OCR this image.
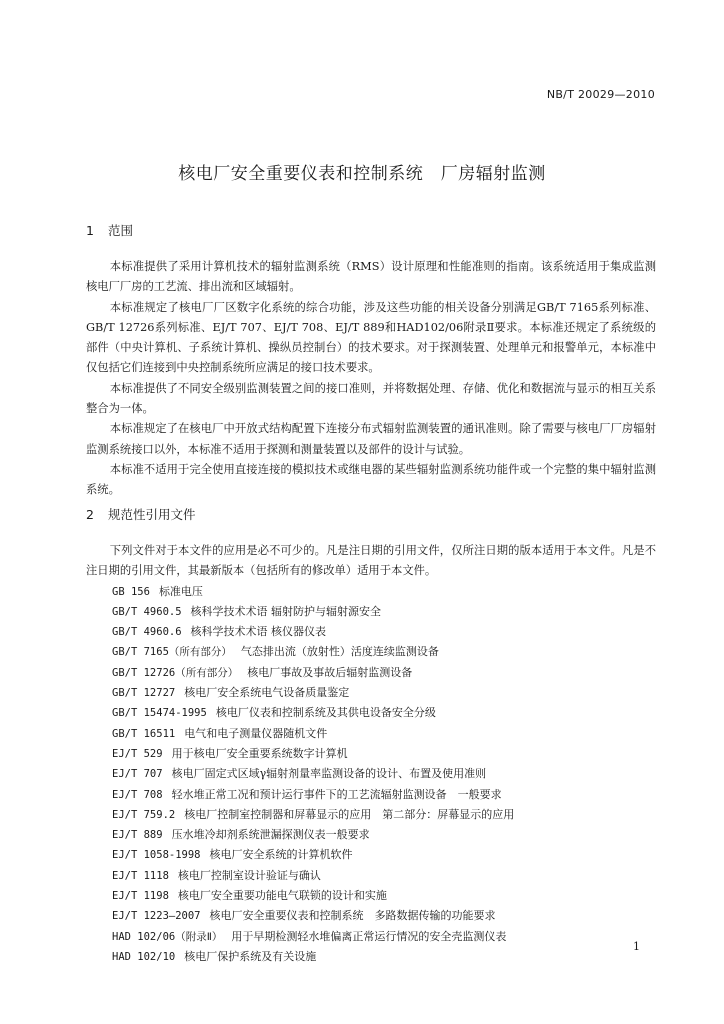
NB/T 20029—2010
核电厂安全重要仪表和控制系统　厂房辐射监测
1 范围

本标准提供了采用计算机技术的辐射监测系统（RMS）设计原理和性能准则的指南。该系统适用于集成监测核电厂厂房的工艺流、排出流和区域辐射。

本标准规定了核电厂厂区数字化系统的综合功能，涉及这些功能的相关设备分别满足GB/T 7165系列标准、GB/T 12726系列标准、EJ/T 707、EJ/T 708、EJ/T 889和HAD102/06附录Ⅱ要求。本标准还规定了系统级的部件（中央计算机、子系统计算机、操纵员控制台）的技术要求。对于探测装置、处理单元和报警单元，本标准中仅包括它们连接到中央控制系统所应满足的接口技术要求。

本标准提供了不同安全级别监测装置之间的接口准则，并将数据处理、存储、优化和数据流与显示的相互关系整合为一体。

本标准规定了在核电厂中开放式结构配置下连接分布式辐射监测装置的通讯准则。除了需要与核电厂厂房辐射监测系统接口以外，本标准不适用于探测和测量装置以及部件的设计与试验。

本标准不适用于完全使用直接连接的模拟技术或继电器的某些辐射监测系统功能件或一个完整的集中辐射监测系统。

2 规范性引用文件

下列文件对于本文件的应用是必不可少的。凡是注日期的引用文件，仅所注日期的版本适用于本文件。凡是不注日期的引用文件，其最新版本（包括所有的修改单）适用于本文件。

GB 156 标准电压
GB/T 4960.5 核科学技术术语 辐射防护与辐射源安全
GB/T 4960.6 核科学技术术语 核仪器仪表
GB/T 7165（所有部分） 气态排出流（放射性）活度连续监测设备
GB/T 12726（所有部分） 核电厂事故及事故后辐射监测设备
GB/T 12727 核电厂安全系统电气设备质量鉴定
GB/T 15474-1995 核电厂仪表和控制系统及其供电设备安全分级
GB/T 16511 电气和电子测量仪器随机文件
EJ/T 529 用于核电厂安全重要系统数字计算机
EJ/T 707 核电厂固定式区域γ辐射剂量率监测设备的设计、布置及使用准则
EJ/T 708 轻水堆正常工况和预计运行事件下的工艺流辐射监测设备　一般要求
EJ/T 759.2 核电厂控制室控制器和屏幕显示的应用　第二部分：屏幕显示的应用
EJ/T 889 压水堆冷却剂系统泄漏探测仪表一般要求
EJ/T 1058-1998 核电厂安全系统的计算机软件
EJ/T 1118 核电厂控制室设计验证与确认
EJ/T 1198 核电厂安全重要功能电气联锁的设计和实施
EJ/T 1223—2007 核电厂安全重要仪表和控制系统　多路数据传输的功能要求
HAD 102/06（附录Ⅱ） 用于早期检测轻水堆偏离正常运行情况的安全壳监测仪表
HAD 102/10 核电厂保护系统及有关设施
1
